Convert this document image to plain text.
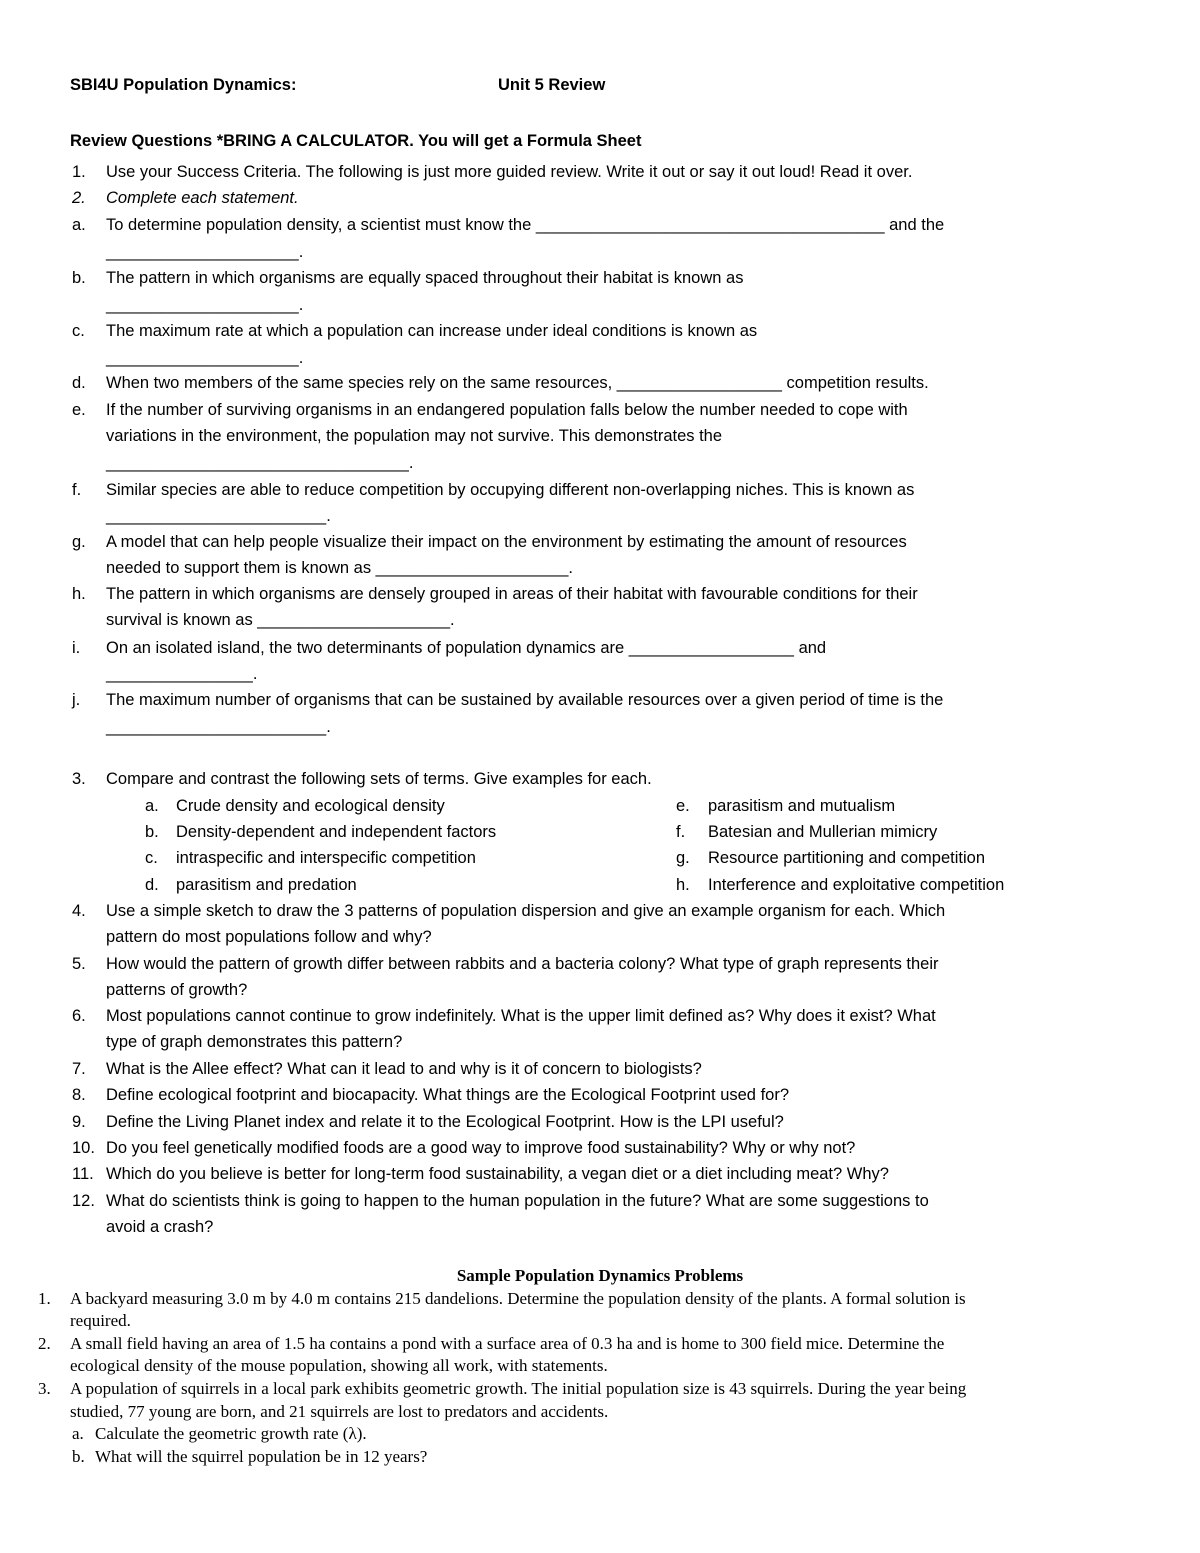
SBI4U Population Dynamics:	Unit 5 Review
Review Questions *BRING A CALCULATOR. You will get a Formula Sheet
1. Use your Success Criteria. The following is just more guided review. Write it out or say it out loud! Read it over.
2. Complete each statement.
a. To determine population density, a scientist must know the ______________________________________ and the
_____________________.
b. The pattern in which organisms are equally spaced throughout their habitat is known as
_____________________.
c. The maximum rate at which a population can increase under ideal conditions is known as
_____________________.
d. When two members of the same species rely on the same resources, __________________ competition results.
e. If the number of surviving organisms in an endangered population falls below the number needed to cope with
variations in the environment, the population may not survive. This demonstrates the
_________________________________.
f. Similar species are able to reduce competition by occupying different non-overlapping niches. This is known as
________________________.
g. A model that can help people visualize their impact on the environment by estimating the amount of resources
needed to support them is known as _____________________.
h. The pattern in which organisms are densely grouped in areas of their habitat with favourable conditions for their
survival is known as _____________________.
i. On an isolated island, the two determinants of population dynamics are __________________ and
________________.
j. The maximum number of organisms that can be sustained by available resources over a given period of time is the
________________________.
3. Compare and contrast the following sets of terms. Give examples for each.
a. Crude density and ecological density
b. Density-dependent and independent factors
c. intraspecific and interspecific competition
d. parasitism and predation
e. parasitism and mutualism
f. Batesian and Mullerian mimicry
g. Resource partitioning and competition
h. Interference and exploitative competition
4. Use a simple sketch to draw the 3 patterns of population dispersion and give an example organism for each. Which
pattern do most populations follow and why?
5. How would the pattern of growth differ between rabbits and a bacteria colony? What type of graph represents their
patterns of growth?
6. Most populations cannot continue to grow indefinitely. What is the upper limit defined as? Why does it exist? What
type of graph demonstrates this pattern?
7. What is the Allee effect? What can it lead to and why is it of concern to biologists?
8. Define ecological footprint and biocapacity. What things are the Ecological Footprint used for?
9. Define the Living Planet index and relate it to the Ecological Footprint. How is the LPI useful?
10. Do you feel genetically modified foods are a good way to improve food sustainability? Why or why not?
11. Which do you believe is better for long-term food sustainability, a vegan diet or a diet including meat? Why?
12. What do scientists think is going to happen to the human population in the future? What are some suggestions to
avoid a crash?
Sample Population Dynamics Problems
1. A backyard measuring 3.0 m by 4.0 m contains 215 dandelions. Determine the population density of the plants. A formal solution is
required.
2. A small field having an area of 1.5 ha contains a pond with a surface area of 0.3 ha and is home to 300 field mice. Determine the
ecological density of the mouse population, showing all work, with statements.
3. A population of squirrels in a local park exhibits geometric growth. The initial population size is 43 squirrels. During the year being
studied, 77 young are born, and 21 squirrels are lost to predators and accidents.
a. Calculate the geometric growth rate (λ).
b. What will the squirrel population be in 12 years?
